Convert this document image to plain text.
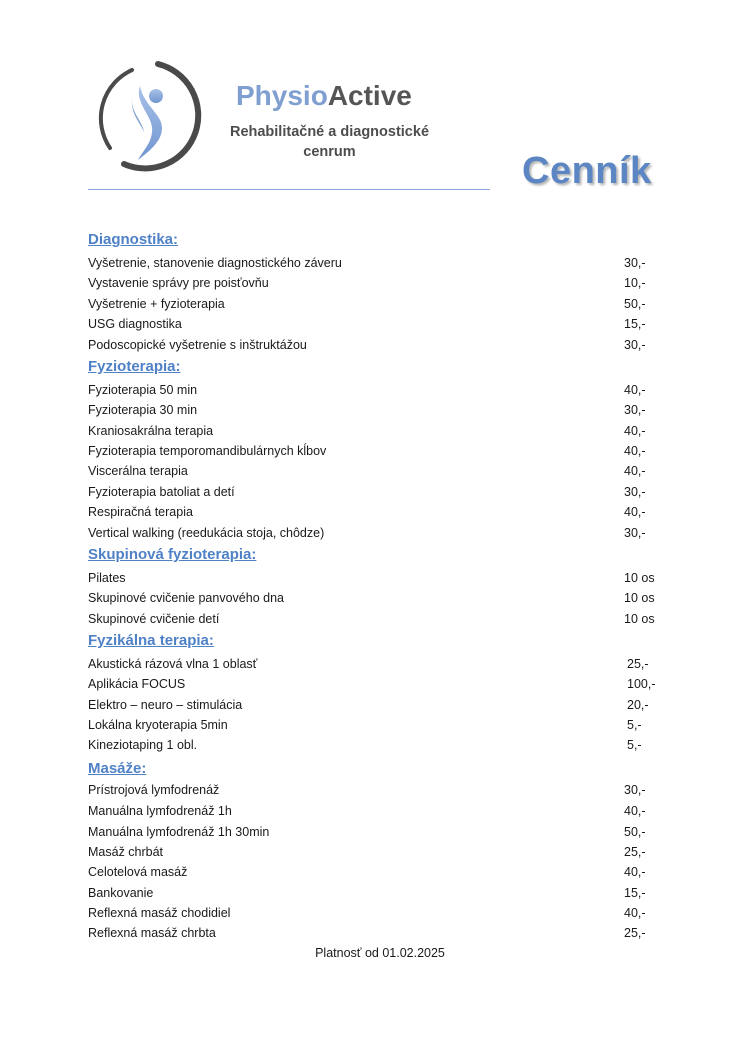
PhysioActive
Rehabilitačné a diagnostické
cenrum	Cenník
Diagnostika:
Vyšetrenie, stanovenie diagnostického záveru	30,-
Vystavenie správy pre poisťovňu	10,-
Vyšetrenie + fyzioterapia	50,-
USG diagnostika	15,-
Podoscopické vyšetrenie s inštruktážou	30,-
Fyzioterapia:
Fyzioterapia 50 min	40,-
Fyzioterapia 30 min	30,-
Kraniosakrálna terapia	40,-
Fyzioterapia temporomandibulárnych kĺbov	40,-
Viscerálna terapia	40,-
Fyzioterapia batoliat a detí	30,-
Respiračná terapia	40,-
Vertical walking (reedukácia stoja, chôdze)	30,-
Skupinová fyzioterapia:
Pilates	10 os
Skupinové cvičenie panvového dna	10 os
Skupinové cvičenie detí	10 os
Fyzikálna terapia:
Akustická rázová vlna 1 oblasť	25,-
Aplikácia FOCUS	100,-
Elektro – neuro – stimulácia	20,-
Lokálna kryoterapia 5min	5,-
Kineziotaping 1 obl.	5,-
Masáže:
Prístrojová lymfodrenáž	30,-
Manuálna lymfodrenáž 1h	40,-
Manuálna lymfodrenáž 1h 30min	50,-
Masáž chrbát	25,-
Celotelová masáž	40,-
Bankovanie	15,-
Reflexná masáž chodidiel	40,-
Reflexná masáž chrbta	25,-
Platnosť od 01.02.2025
